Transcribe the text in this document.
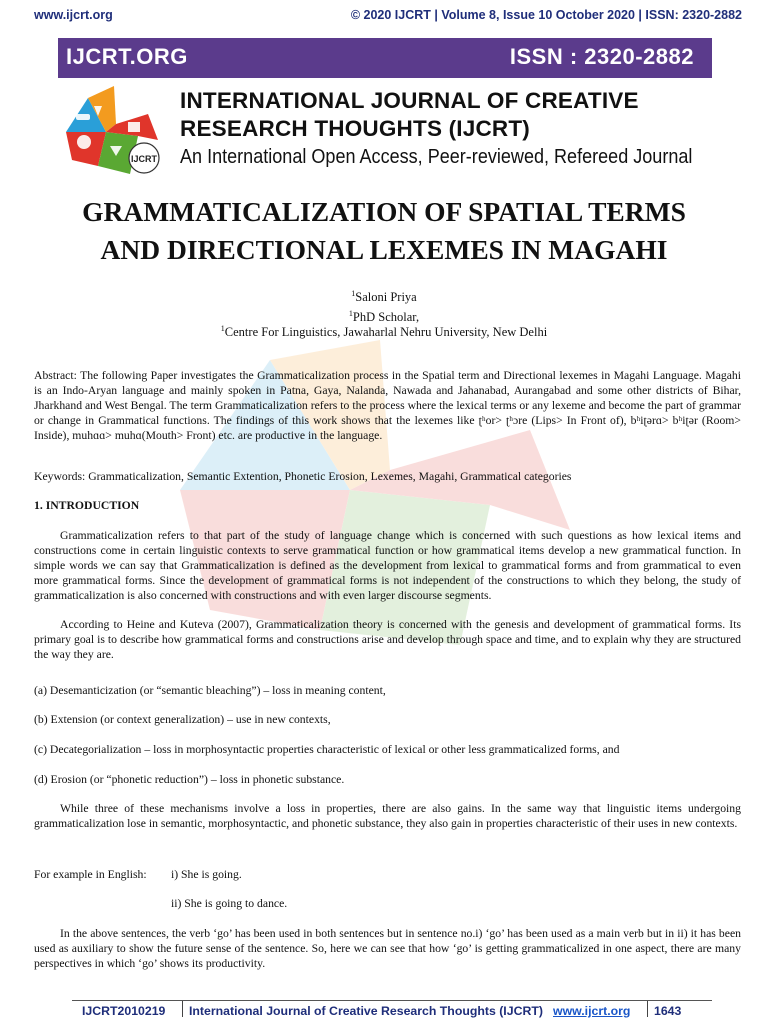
www.ijcrt.org	© 2020 IJCRT | Volume 8, Issue 10 October 2020 | ISSN: 2320-2882
IJCRT.ORG	ISSN : 2320-2882
IJCRT
INTERNATIONAL JOURNAL OF CREATIVE
RESEARCH THOUGHTS (IJCRT)
An International Open Access, Peer-reviewed, Refereed Journal
GRAMMATICALIZATION OF SPATIAL TERMS
AND DIRECTIONAL LEXEMES IN MAGAHI
$^1$Saloni Priya
$^1$PhD Scholar,
$^1$Centre For Linguistics, Jawaharlal Nehru University, New Delhi
Abstract: The following Paper investigates the Grammaticalization process in the Spatial term and Directional lexemes in Magahi Language. Magahi is an Indo-Aryan language and mainly spoken in Patna, Gaya, Nalanda, Nawada and Jahanabad, Aurangabad and some other districts of Bihar, Jharkhand and West Bengal. The term Grammaticalization refers to the process where the lexical terms or any lexeme and become the part of grammar or change in Grammatical functions. The findings of this work shows that the lexemes like ʈʰor> ʈʰɔre (Lips> In Front of), bʰiʈərɑ> bʰiʈər (Room> Inside), muhɑɑ> muhɑ(Mouth> Front) etc. are productive in the language.
Keywords: Grammaticalization, Semantic Extention, Phonetic Erosion, Lexemes, Magahi, Grammatical categories
1. INTRODUCTION
Grammaticalization refers to that part of the study of language change which is concerned with such questions as how lexical items and constructions come in certain linguistic contexts to serve grammatical function or how grammatical items develop a new grammatical function. In simple words we can say that Grammaticalization is defined as the development from lexical to grammatical forms and from grammatical to even more grammatical forms. Since the development of grammatical forms is not independent of the constructions to which they belong, the study of grammaticalization is also concerned with constructions and with even larger discourse segments.
According to Heine and Kuteva (2007), Grammaticalization theory is concerned with the genesis and development of grammatical forms. Its primary goal is to describe how grammatical forms and constructions arise and develop through space and time, and to explain why they are structured the way they are.
(a) Desemanticization (or “semantic bleaching”) – loss in meaning content,
(b) Extension (or context generalization) – use in new contexts,
(c) Decategorialization – loss in morphosyntactic properties characteristic of lexical or other less grammaticalized forms, and
(d) Erosion (or “phonetic reduction”) – loss in phonetic substance.
While three of these mechanisms involve a loss in properties, there are also gains. In the same way that linguistic items undergoing grammaticalization lose in semantic, morphosyntactic, and phonetic substance, they also gain in properties characteristic of their uses in new contexts.
For example in English: i) She is going.
ii) She is going to dance.
In the above sentences, the verb ‘go’ has been used in both sentences but in sentence no.i) ‘go’ has been used as a main verb but in ii) it has been used as auxiliary to show the future sense of the sentence. So, here we can see that how ‘go’ is getting grammaticalized in one aspect, there are many perspectives in which ‘go’ shows its productivity.
IJCRT2010219 International Journal of Creative Research Thoughts (IJCRT) www.ijcrt.org 1643
